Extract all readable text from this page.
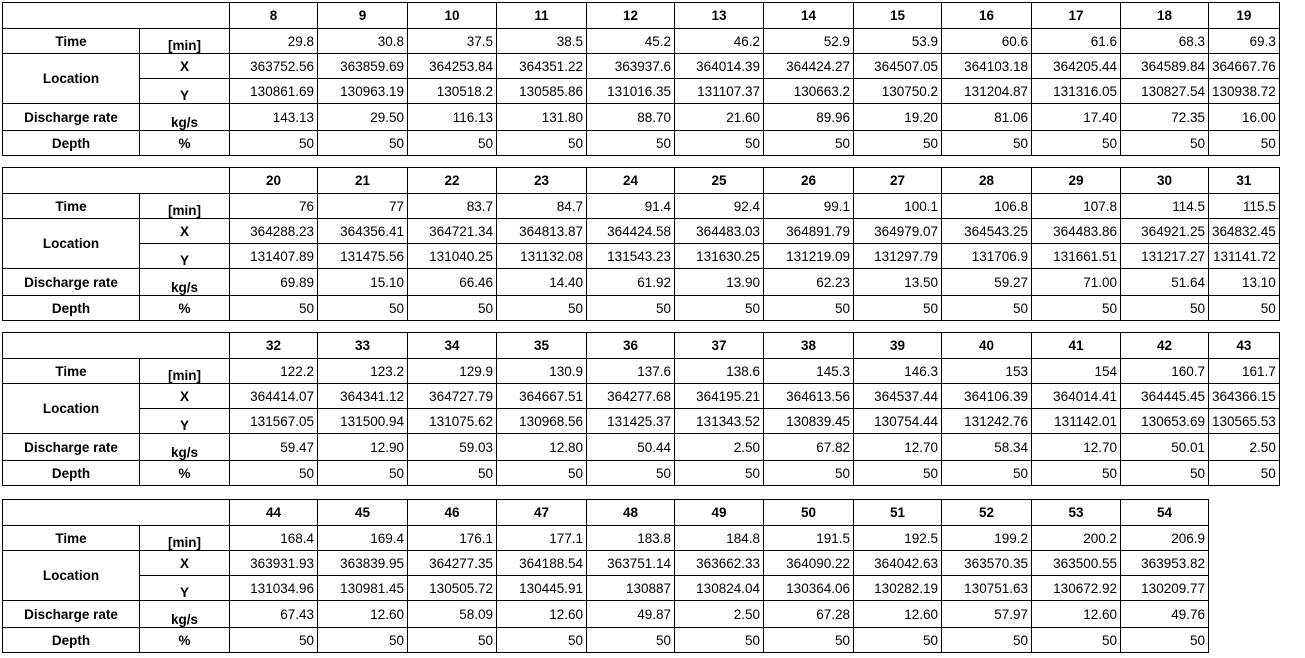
		8	9	10	11	12	13	14	15	16	17	18	19
Time	[min]	29.8	30.8	37.5	38.5	45.2	46.2	52.9	53.9	60.6	61.6	68.3	69.3
Location	X	363752.56	363859.69	364253.84	364351.22	363937.6	364014.39	364424.27	364507.05	364103.18	364205.44	364589.84	364667.76
	Y	130861.69	130963.19	130518.2	130585.86	131016.35	131107.37	130663.2	130750.2	131204.87	131316.05	130827.54	130938.72
Discharge rate	kg/s	143.13	29.50	116.13	131.80	88.70	21.60	89.96	19.20	81.06	17.40	72.35	16.00
Depth	%	50	50	50	50	50	50	50	50	50	50	50	50
		20	21	22	23	24	25	26	27	28	29	30	31
Time	[min]	76	77	83.7	84.7	91.4	92.4	99.1	100.1	106.8	107.8	114.5	115.5
Location	X	364288.23	364356.41	364721.34	364813.87	364424.58	364483.03	364891.79	364979.07	364543.25	364483.86	364921.25	364832.45
	Y	131407.89	131475.56	131040.25	131132.08	131543.23	131630.25	131219.09	131297.79	131706.9	131661.51	131217.27	131141.72
Discharge rate	kg/s	69.89	15.10	66.46	14.40	61.92	13.90	62.23	13.50	59.27	71.00	51.64	13.10
Depth	%	50	50	50	50	50	50	50	50	50	50	50	50
		32	33	34	35	36	37	38	39	40	41	42	43
Time	[min]	122.2	123.2	129.9	130.9	137.6	138.6	145.3	146.3	153	154	160.7	161.7
Location	X	364414.07	364341.12	364727.79	364667.51	364277.68	364195.21	364613.56	364537.44	364106.39	364014.41	364445.45	364366.15
	Y	131567.05	131500.94	131075.62	130968.56	131425.37	131343.52	130839.45	130754.44	131242.76	131142.01	130653.69	130565.53
Discharge rate	kg/s	59.47	12.90	59.03	12.80	50.44	2.50	67.82	12.70	58.34	12.70	50.01	2.50
Depth	%	50	50	50	50	50	50	50	50	50	50	50	50
		44	45	46	47	48	49	50	51	52	53	54	
Time	[min]	168.4	169.4	176.1	177.1	183.8	184.8	191.5	192.5	199.2	200.2	206.9	
Location	X	363931.93	363839.95	364277.35	364188.54	363751.14	363662.33	364090.22	364042.63	363570.35	363500.55	363953.82	
	Y	131034.96	130981.45	130505.72	130445.91	130887	130824.04	130364.06	130282.19	130751.63	130672.92	130209.77	
Discharge rate	kg/s	67.43	12.60	58.09	12.60	49.87	2.50	67.28	12.60	57.97	12.60	49.76	
Depth	%	50	50	50	50	50	50	50	50	50	50	50	
